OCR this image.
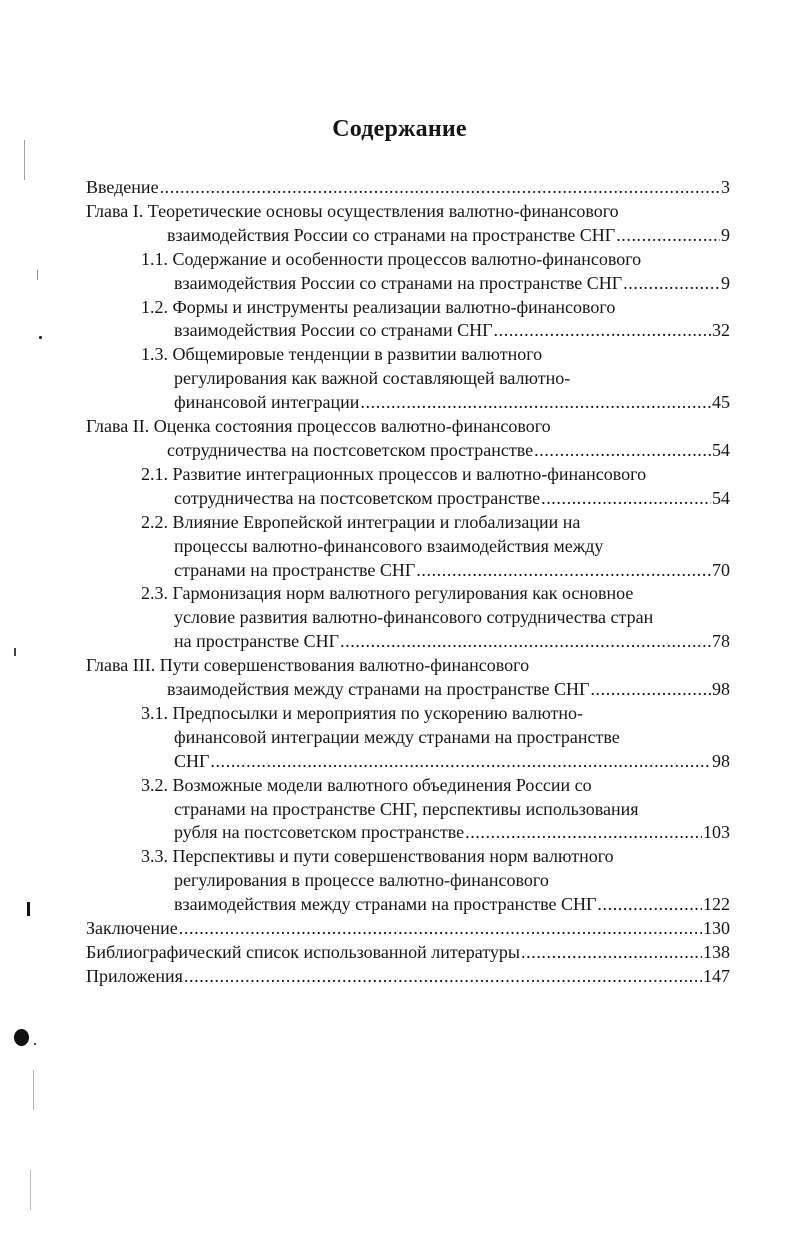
Содержание
Введение .....	3
Глава I. Теоретические основы осуществления валютно-финансового
взаимодействия России со странами на пространстве СНГ .....	9
1.1. Содержание и особенности процессов валютно-финансового
взаимодействия России со странами на пространстве СНГ .....	9
1.2. Формы и инструменты реализации валютно-финансового
взаимодействия России со странами СНГ .....	32
1.3. Общемировые тенденции в развитии валютного
регулирования как важной составляющей валютно-
финансовой интеграции .....	45
Глава II. Оценка состояния процессов валютно-финансового
сотрудничества на постсоветском пространстве .....	54
2.1. Развитие интеграционных процессов и валютно-финансового
сотрудничества на постсоветском пространстве .....	54
2.2. Влияние Европейской интеграции и глобализации на
процессы валютно-финансового взаимодействия между
странами на пространстве СНГ .....	70
2.3. Гармонизация норм валютного регулирования как основное
условие развития валютно-финансового сотрудничества стран
на пространстве СНГ .....	78
Глава III. Пути совершенствования валютно-финансового
взаимодействия между странами на пространстве СНГ .....	98
3.1. Предпосылки и мероприятия по ускорению валютно-
финансовой интеграции между странами на пространстве
СНГ .....	98
3.2. Возможные модели валютного объединения России со
странами на пространстве СНГ, перспективы использования
рубля на постсоветском пространстве .....	103
3.3. Перспективы и пути совершенствования норм валютного
регулирования в процессе валютно-финансового
взаимодействия между странами на пространстве СНГ .....	122
Заключение .....	130
Библиографический список использованной литературы .....	138
Приложения .....	147
